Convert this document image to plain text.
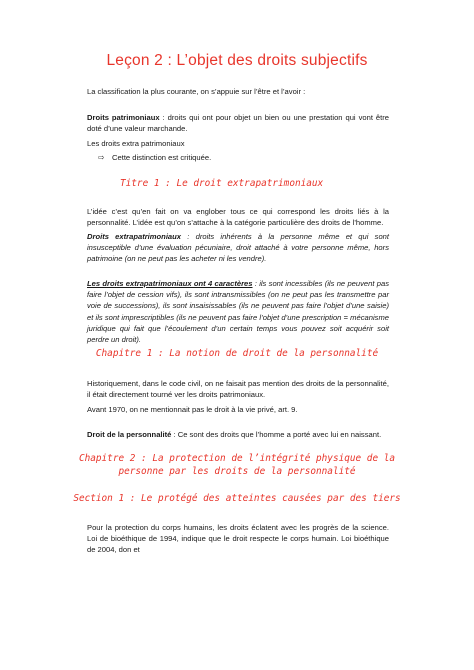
Leçon 2 : L’objet des droits subjectifs
La classification la plus courante, on s’appuie sur l’être et l’avoir :
Droits patrimoniaux : droits qui ont pour objet un bien ou une prestation qui vont être doté d’une valeur marchande.
Les droits extra patrimoniaux
⇨ Cette distinction est critiquée.
Titre 1 : Le droit extrapatrimoniaux
L’idée c’est qu’en fait on va englober tous ce qui correspond les droits liés à la personnalité. L’idée est qu’on s’attache à la catégorie particulière des droits de l’homme.
Droits extrapatrimoniaux : droits inhérents à la personne même et qui sont insusceptible d’une évaluation pécuniaire, droit attaché à votre personne même, hors patrimoine (on ne peut pas les acheter ni les vendre).
Les droits extrapatrimoniaux ont 4 caractères : ils sont incessibles (ils ne peuvent pas faire l’objet de cession vifs), ils sont intransmissibles (on ne peut pas les transmettre par voie de successions), ils sont insaisissables (ils ne peuvent pas faire l’objet d’une saisie) et ils sont imprescriptibles (ils ne peuvent pas faire l’objet d’une prescription = mécanisme juridique qui fait que l’écoulement d’un certain temps vous pouvez soit acquérir soit perdre un droit).
Chapitre 1 : La notion de droit de la personnalité
Historiquement, dans le code civil, on ne faisait pas mention des droits de la personnalité, il était directement tourné ver les droits patrimoniaux.
Avant 1970, on ne mentionnait pas le droit à la vie privé, art. 9.
Droit de la personnalité : Ce sont des droits que l’homme a porté avec lui en naissant.
Chapitre 2 : La protection de l’intégrité physique de la
personne par les droits de la personnalité
Section 1 : Le protégé des atteintes causées par des tiers
Pour la protection du corps humains, les droits éclatent avec les progrès de la science. Loi de bioéthique de 1994, indique que le droit respecte le corps humain. Loi bioéthique de 2004, don et
